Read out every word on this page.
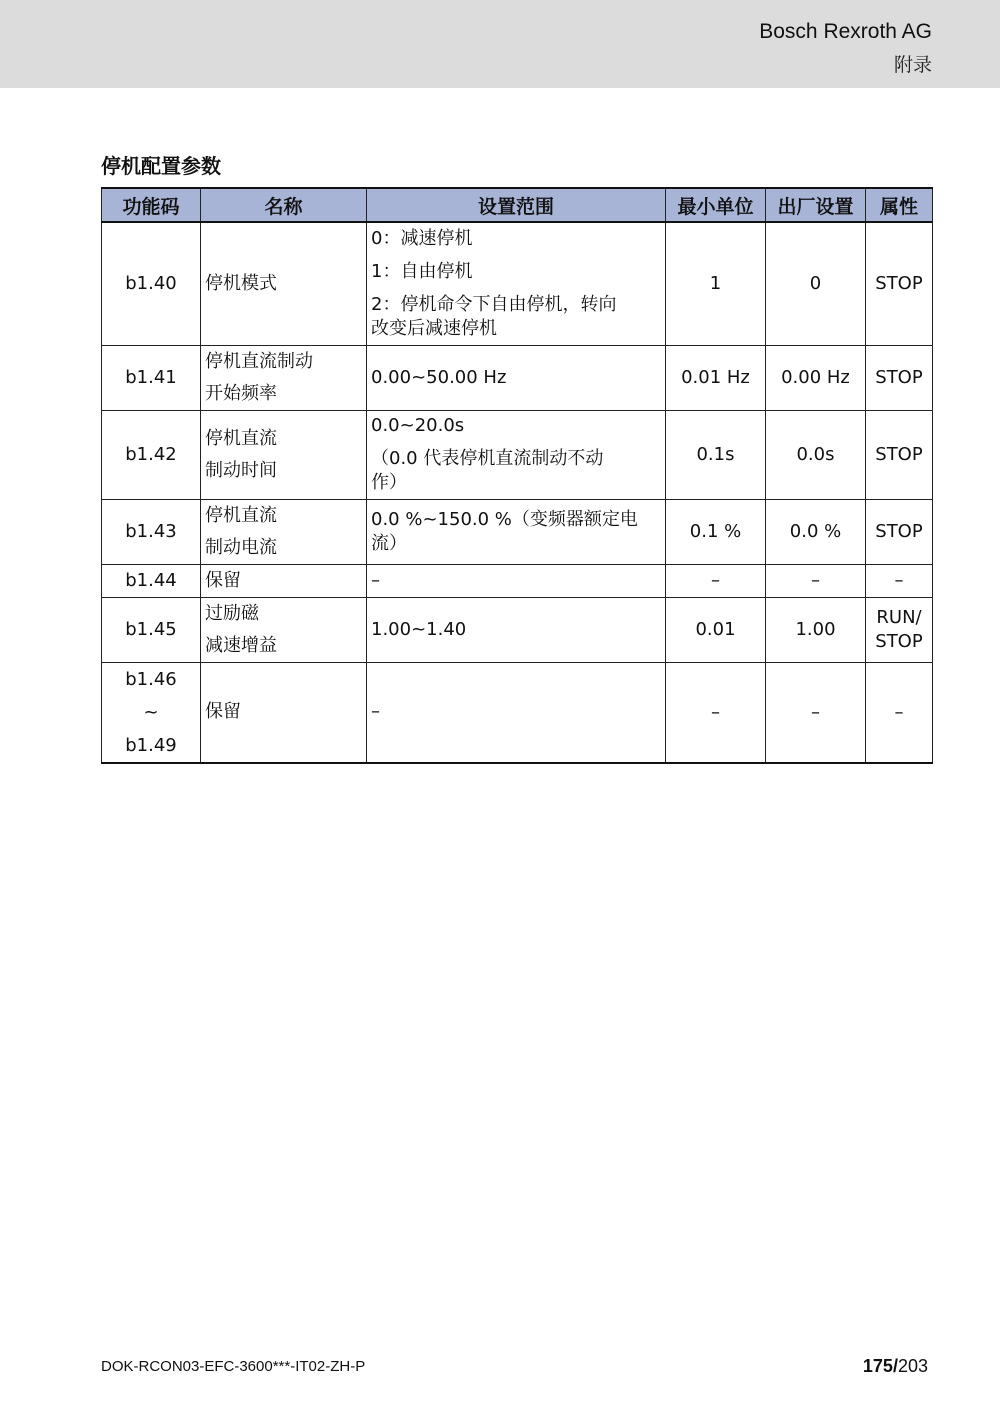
Bosch Rexroth AG
附录
停机配置参数
功能码	名称	设置范围	最小单位	出厂设置	属性
b1.40	停机模式	0：减速停机
1：自由停机
2：停机命令下自由停机，转向
改变后减速停机	1	0	STOP
b1.41	停机直流制动
开始频率	0.00~50.00 Hz	0.01 Hz	0.00 Hz	STOP
b1.42	停机直流
制动时间	0.0~20.0s
（0.0 代表停机直流制动不动
作）	0.1s	0.0s	STOP
b1.43	停机直流
制动电流	0.0 %~150.0 %（变频器额定电
流）	0.1 %	0.0 %	STOP
b1.44	保留	–	–	–	–
b1.45	过励磁
减速增益	1.00~1.40	0.01	1.00	RUN/
STOP

b1.46
~
b1.49	保留	–	–	–	–
DOK-RCON03-EFC-3600***-IT02-ZH-P	175/203
